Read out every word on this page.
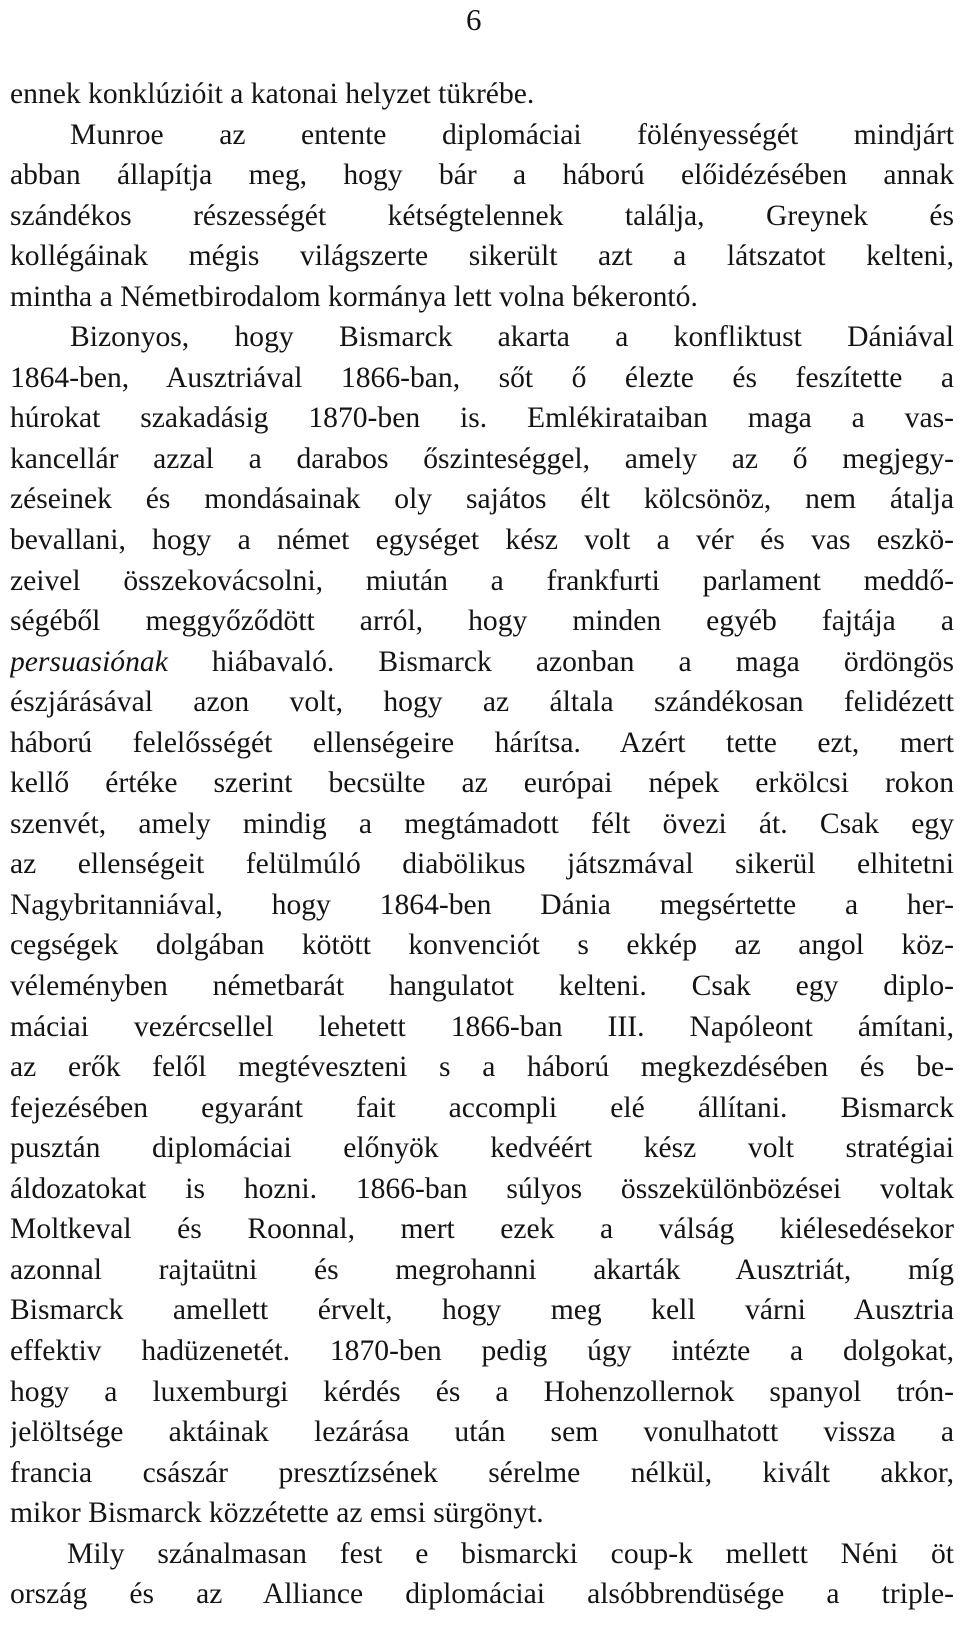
6
ennek konklúzióit a katonai helyzet tükrébe.
Munroe az entente diplomáciai fölényességét mindjárt
abban állapítja meg, hogy bár a háború előidézésében annak
szándékos részességét kétségtelennek találja, Greynek és
kollégáinak mégis világszerte sikerült azt a látszatot kelteni,
mintha a Németbirodalom kormánya lett volna békerontó.
Bizonyos, hogy Bismarck akarta a konfliktust Dániával
1864-ben, Ausztriával 1866-ban, sőt ő élezte és feszítette a
húrokat szakadásig 1870-ben is. Emlékirataiban maga a vas-
kancellár azzal a darabos őszinteséggel, amely az ő megjegy-
zéseinek és mondásainak oly sajátos élt kölcsönöz, nem átalja
bevallani, hogy a német egységet kész volt a vér és vas eszkö-
zeivel összekovácsolni, miután a frankfurti parlament meddő-
ségéből meggyőződött arról, hogy minden egyéb fajtája a
persuasiónak hiábavaló. Bismarck azonban a maga ördöngös
észjárásával azon volt, hogy az általa szándékosan felidézett
háború felelősségét ellenségeire hárítsa. Azért tette ezt, mert
kellő értéke szerint becsülte az európai népek erkölcsi rokon
szenvét, amely mindig a megtámadott félt övezi át. Csak egy
az ellenségeit felülmúló diabölikus játszmával sikerül elhitetni
Nagybritanniával, hogy 1864-ben Dánia megsértette a her-
cegségek dolgában kötött konvenciót s ekkép az angol köz-
véleményben németbarát hangulatot kelteni. Csak egy diplo-
máciai vezércsellel lehetett 1866-ban III. Napóleont ámítani,
az erők felől megtéveszteni s a háború megkezdésében és be-
fejezésében egyaránt fait accompli elé állítani. Bismarck
pusztán diplomáciai előnyök kedvéért kész volt stratégiai
áldozatokat is hozni. 1866-ban súlyos összekülönbözései voltak
Moltkeval és Roonnal, mert ezek a válság kiélesedésekor
azonnal rajtaütni és megrohanni akarták Ausztriát, míg
Bismarck amellett érvelt, hogy meg kell várni Ausztria
effektiv hadüzenetét. 1870-ben pedig úgy intézte a dolgokat,
hogy a luxemburgi kérdés és a Hohenzollernok spanyol trón-
jelöltsége aktáinak lezárása után sem vonulhatott vissza a
francia császár presztízsének sérelme nélkül, kivált akkor,
mikor Bismarck közzétette az emsi sürgönyt.
Mily szánalmasan fest e bismarcki coup-k mellett Néni öt
ország és az Alliance diplomáciai alsóbbrendüsége a triple-
